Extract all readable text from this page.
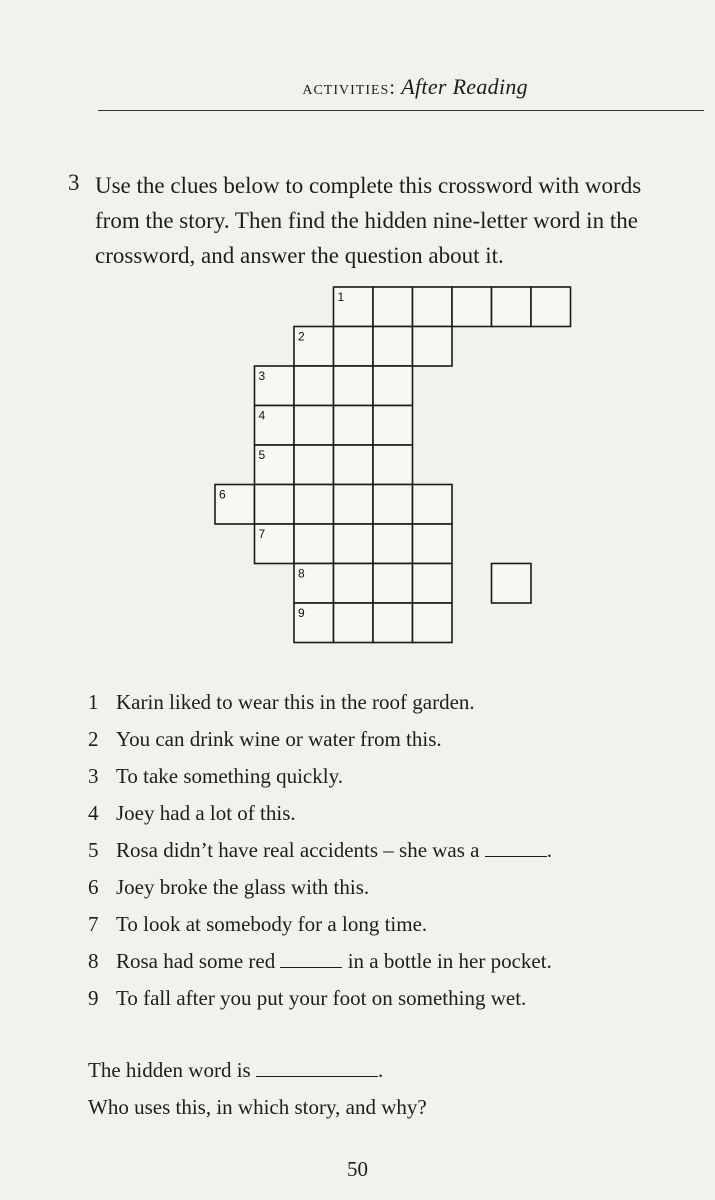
activities: After Reading
3 Use the clues below to complete this crossword with words
from the story. Then find the hidden nine-letter word in the
crossword, and answer the question about it.
1
2
3
4
5
6
7
8
9
1 Karin liked to wear this in the roof garden.
2 You can drink wine or water from this.
3 To take something quickly.
4 Joey had a lot of this.
5 Rosa didn’t have real accidents – she was a	.
6 Joey broke the glass with this.
7 To look at somebody for a long time.
8 Rosa had some red	in a bottle in her pocket.
9 To fall after you put your foot on something wet.
The hidden word is	.
Who uses this, in which story, and why?
50
